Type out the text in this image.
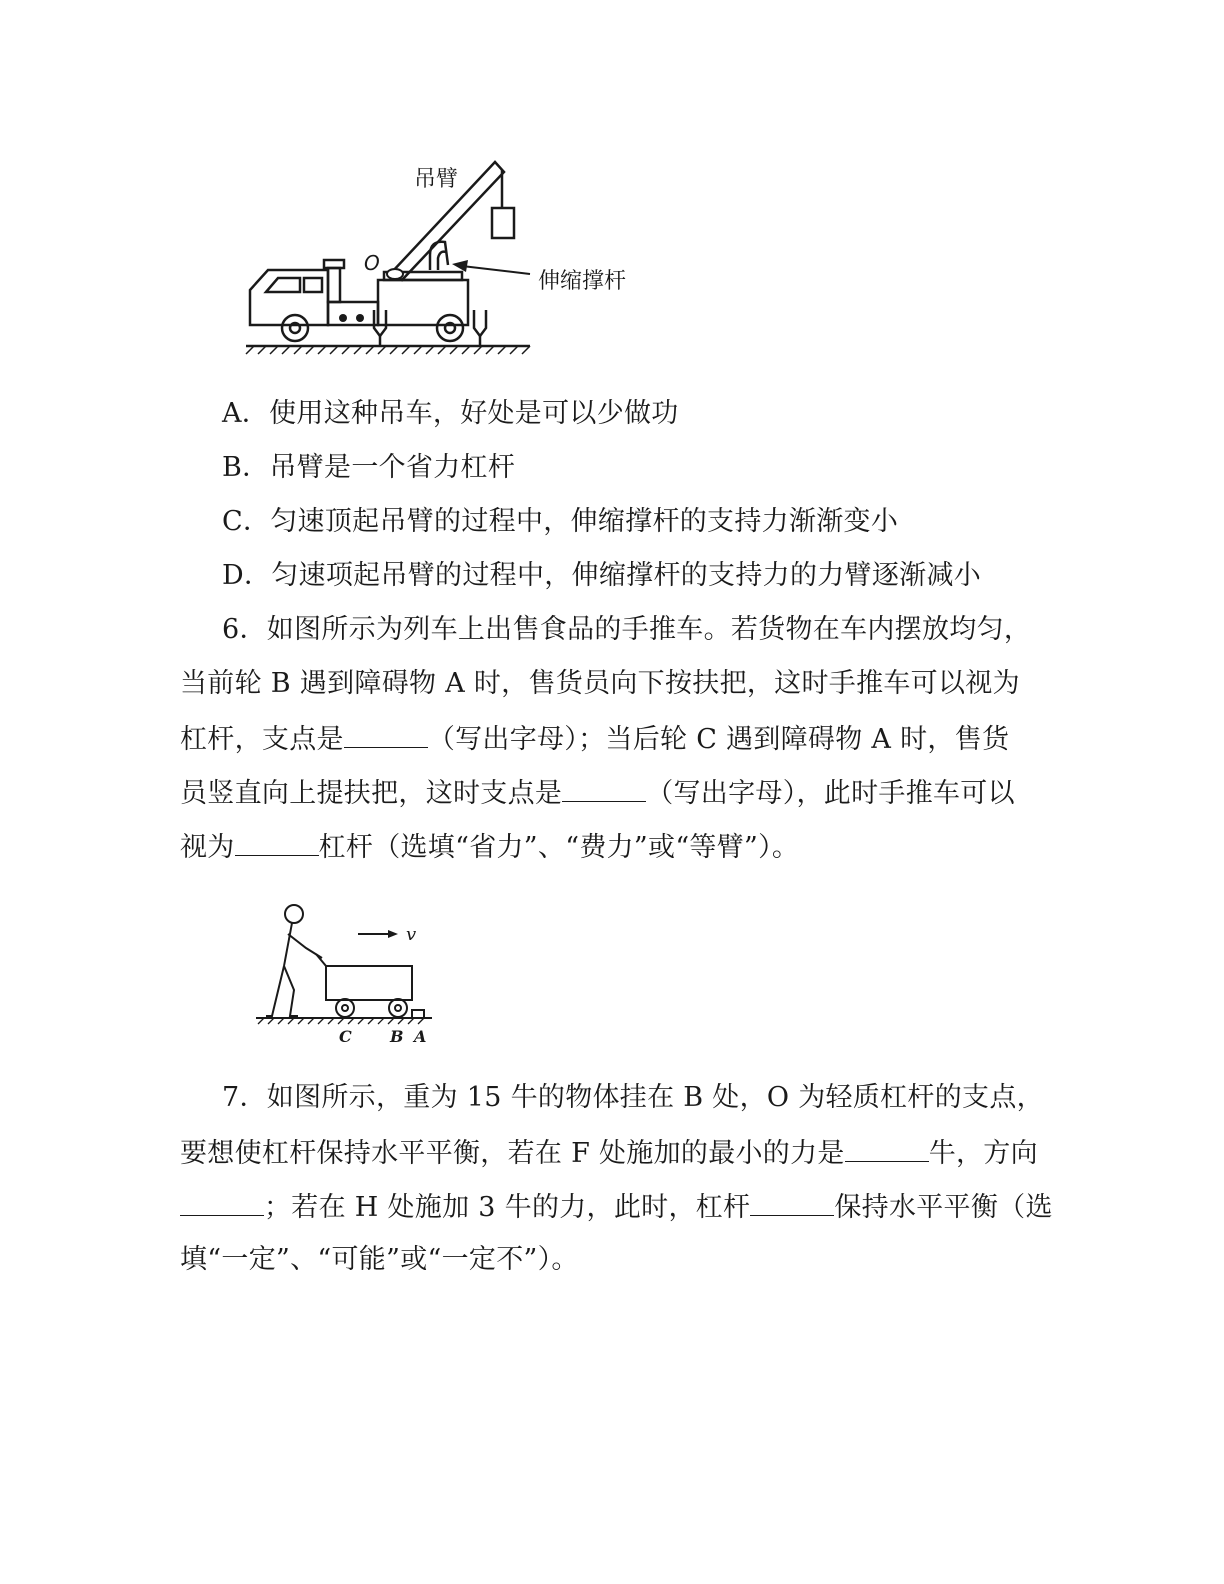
吊臂
O
伸缩撑杆
A．使用这种吊车，好处是可以少做功
B．吊臂是一个省力杠杆
C．匀速顶起吊臂的过程中，伸缩撑杆的支持力渐渐变小
D．匀速项起吊臂的过程中，伸缩撑杆的支持力的力臂逐渐减小
6．如图所示为列车上出售食品的手推车。若货物在车内摆放均匀，
当前轮 B 遇到障碍物 A 时，售货员向下按扶把，这时手推车可以视为
杠杆，支点是	（写出字母）；当后轮 C 遇到障碍物 A 时，售货
员竖直向上提扶把，这时支点是	（写出字母），此时手推车可以
视为	杠杆（选填“省力”、“费力”或“等臂”）。
v
C B A
7．如图所示，重为 15 牛的物体挂在 B 处，O 为轻质杠杆的支点，
要想使杠杆保持水平平衡，若在 F 处施加的最小的力是	牛，方向
；若在 H 处施加 3 牛的力，此时，杠杆	保持水平平衡（选
填“一定”、“可能”或“一定不”）。
